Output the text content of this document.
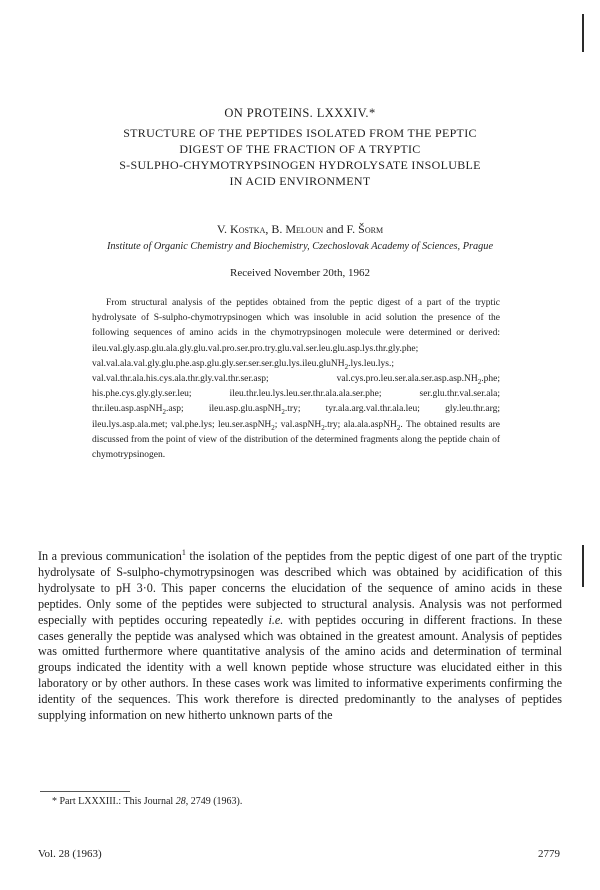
ON PROTEINS. LXXXIV.*
STRUCTURE OF THE PEPTIDES ISOLATED FROM THE PEPTIC
DIGEST OF THE FRACTION OF A TRYPTIC
S-SULPHO-CHYMOTRYPSINOGEN HYDROLYSATE INSOLUBLE
IN ACID ENVIRONMENT
V. Kostka, B. Meloun and F. Šorm
Institute of Organic Chemistry and Biochemistry, Czechoslovak Academy of Sciences, Prague
Received November 20th, 1962
From structural analysis of the peptides obtained from the peptic digest of a part of the tryptic hydrolysate of S-sulpho-chymotrypsinogen which was insoluble in acid solution the presence of the following sequences of amino acids in the chymotrypsinogen molecule were determined or derived: ileu.val.gly.asp.glu.ala.gly.glu.val.pro.ser.pro.try.glu.val.ser.leu.glu.asp.lys.thr.gly.phe; val.val.ala.val.gly.glu.phe.asp.glu.gly.ser.ser.ser.glu.lys.ileu.gluNH$_2$.lys.leu.lys.; val.val.thr.ala.his.cys.ala.thr.gly.val.thr.ser.asp; $val.cys.pro.leu.ser.ala.ser.asp.asp.NH_2.phe$; his.phe.cys.gly.gly.ser.leu; ileu.thr.leu.lys.leu.ser.thr.ala.ala.ser.phe; ser.glu.thr.val.ser.ala; thr.ileu.asp.aspNH$_2$.asp; ileu.asp.glu.aspNH$_2$.try; tyr.ala.arg.val.thr.ala.leu; gly.leu.thr.arg; ileu.lys.asp.ala.met; val.phe.lys; leu.ser.aspNH$_2$; val.aspNH$_2$.try; ala.ala.aspNH$_2$. The obtained results are discussed from the point of view of the distribution of the determined fragments along the peptide chain of chymotrypsinogen.
In a previous communication$^1$ the isolation of the peptides from the peptic digest of one part of the tryptic hydrolysate of S-sulpho-chymotrypsinogen was described which was obtained by acidification of this hydrolysate to pH 3·0. This paper concerns the elucidation of the sequence of amino acids in these peptides. Only some of the peptides were subjected to structural analysis. Analysis was not performed especially with peptides occuring repeatedly i.e. with peptides occuring in different fractions. In these cases generally the peptide was analysed which was obtained in the greatest amount. Analysis of peptides was omitted furthermore where quantitative analysis of the amino acids and determination of terminal groups indicated the identity with a well known peptide whose structure was elucidated either in this laboratory or by other authors. In these cases work was limited to informative experiments confirming the identity of the sequences. This work therefore is directed predominantly to the analyses of peptides supplying information on new hitherto unknown parts of the
* Part LXXXIII.: This Journal 28, 2749 (1963).
Vol. 28 (1963)	2779
